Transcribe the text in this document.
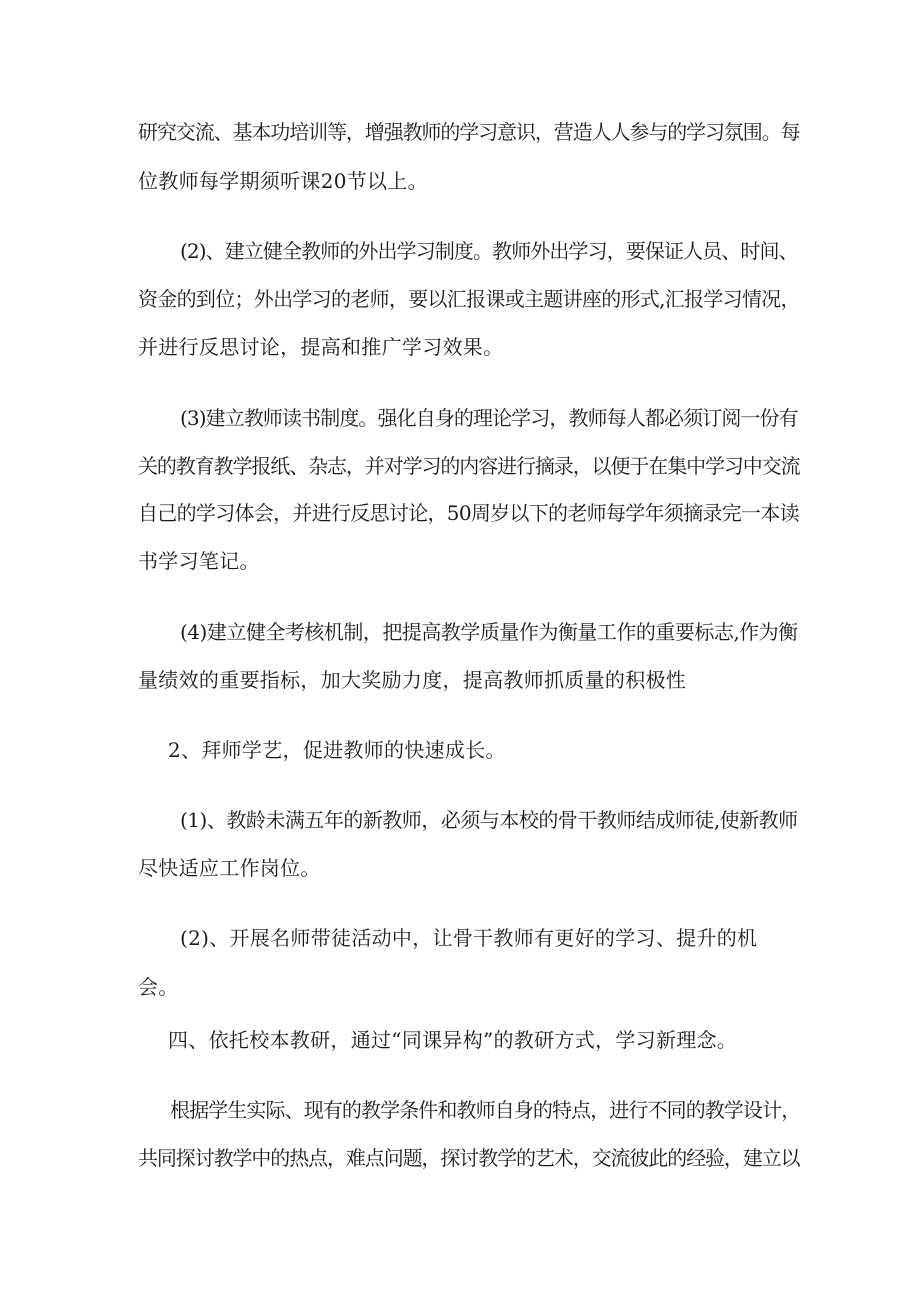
研究交流、基本功培训等，增强教师的学习意识，营造人人参与的学习氛围。每
位教师每学期须听课20节以上。
(2)、建立健全教师的外出学习制度。教师外出学习，要保证人员、时间、
资金的到位；外出学习的老师，要以汇报课或主题讲座的形式,汇报学习情况，
并进行反思讨论，提高和推广学习效果。
(3)建立教师读书制度。强化自身的理论学习，教师每人都必须订阅一份有
关的教育教学报纸、杂志，并对学习的内容进行摘录，以便于在集中学习中交流
自己的学习体会，并进行反思讨论，50周岁以下的老师每学年须摘录完一本读
书学习笔记。
(4)建立健全考核机制，把提高教学质量作为衡量工作的重要标志,作为衡
量绩效的重要指标，加大奖励力度，提高教师抓质量的积极性
2、拜师学艺，促进教师的快速成长。
(1)、教龄未满五年的新教师，必须与本校的骨干教师结成师徒,使新教师
尽快适应工作岗位。
(2)、开展名师带徒活动中，让骨干教师有更好的学习、提升的机
会。
四、依托校本教研，通过“同课异构”的教研方式，学习新理念。
根据学生实际、现有的教学条件和教师自身的特点，进行不同的教学设计，
共同探讨教学中的热点，难点问题，探讨教学的艺术，交流彼此的经验，建立以
